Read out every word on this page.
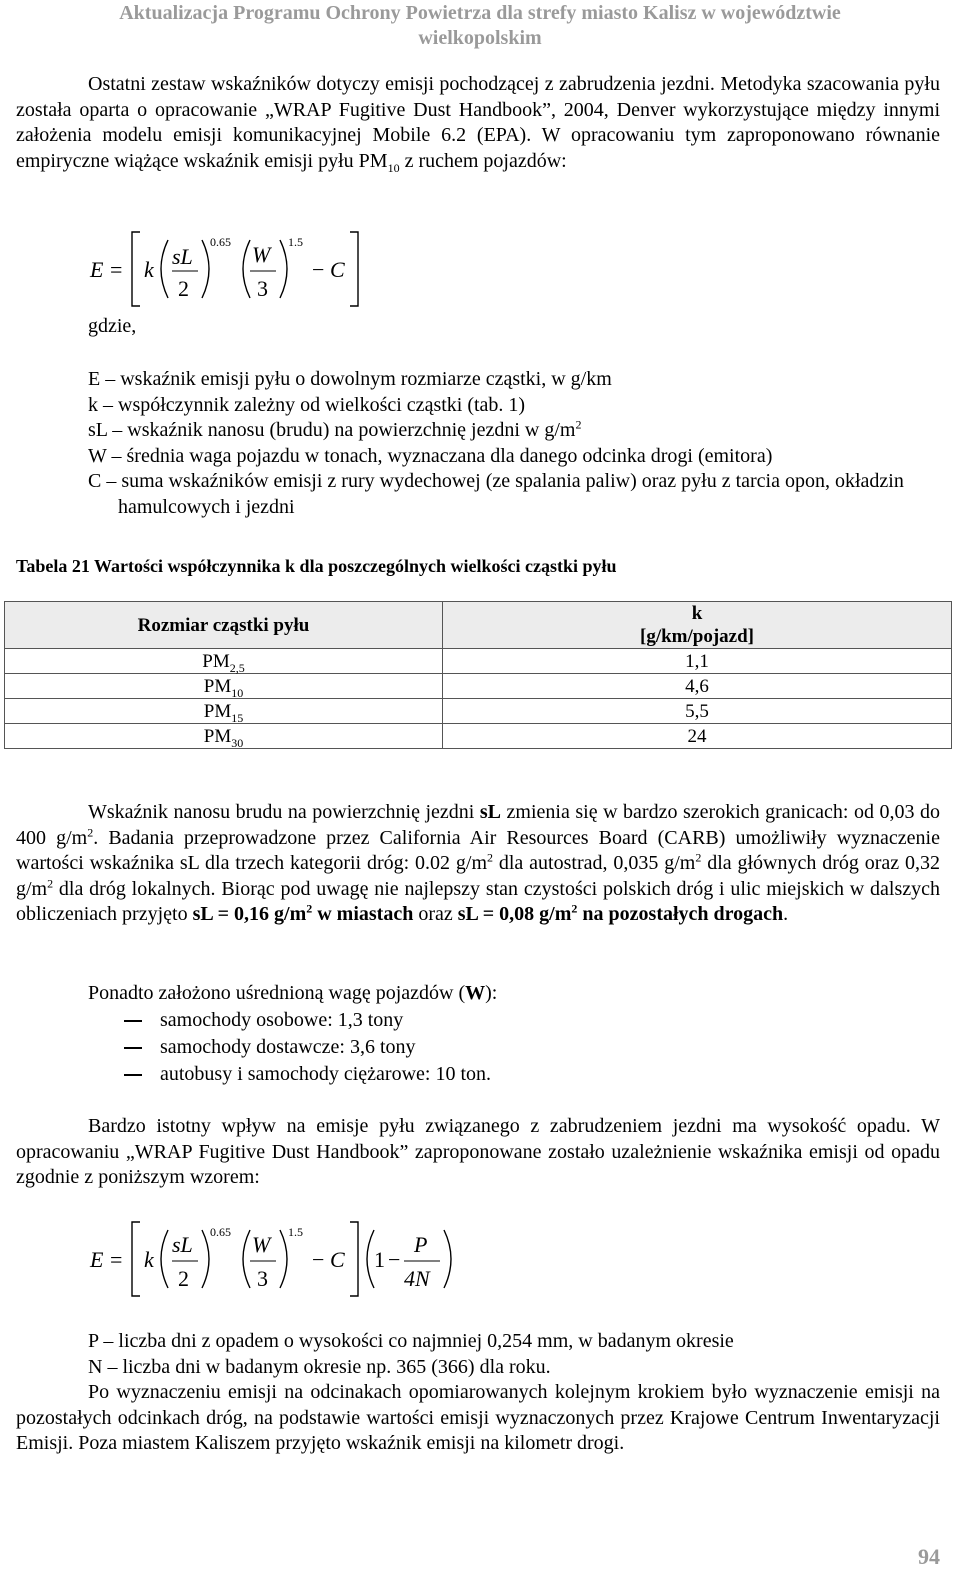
Aktualizacja Programu Ochrony Powietrza dla strefy miasto Kalisz w województwie
wielkopolskim

Ostatni zestaw wskaźników dotyczy emisji pochodzącej z zabrudzenia jezdni. Metodyka szacowania pyłu została oparta o opracowanie „WRAP Fugitive Dust Handbook”, 2004, Denver wykorzystujące między innymi założenia modelu emisji komunikacyjnej Mobile 6.2 (EPA). W opracowaniu tym zaproponowano równanie empiryczne wiążące wskaźnik emisji pyłu $PM_{10}$ z ruchem pojazdów:

E = k
sL
2
0.65 W
3
1.5
− C
gdzie,

E – wskaźnik emisji pyłu o dowolnym rozmiarze cząstki, w g/km

k – współczynnik zależny od wielkości cząstki (tab. 1)

sL – wskaźnik nanosu (brudu) na powierzchnię jezdni w $g/m^2$

W – średnia waga pojazdu w tonach, wyznaczana dla danego odcinka drogi (emitora)

C – suma wskaźników emisji z rury wydechowej (ze spalania paliw) oraz pyłu z tarcia opon, okładzin hamulcowych i jezdni

Tabela 21 Wartości współczynnika k dla poszczególnych wielkości cząstki pyłu
Rozmiar cząstki pyłu	k
[g/km/pojazd]
$PM_{2,5}$	1,1
$PM_{10}$	4,6
$PM_{15}$	5,5
$PM_{30}$	24

Wskaźnik nanosu brudu na powierzchnię jezdni sL zmienia się w bardzo szerokich granicach: od 0,03 do 400 $g/m^2$. Badania przeprowadzone przez California Air Resources Board (CARB) umożliwiły wyznaczenie wartości wskaźnika sL dla trzech kategorii dróg: 0.02 $g/m^2$ dla autostrad, 0,035 $g/m^2$ dla głównych dróg oraz 0,32 $g/m^2$ dla dróg lokalnych. Biorąc pod uwagę nie najlepszy stan czystości polskich dróg i ulic miejskich w dalszych obliczeniach przyjęto sL = 0,16 $g/m^2$ w miastach oraz sL = 0,08 $g/m^2$ na pozostałych drogach.

Ponadto założono uśrednioną wagę pojazdów (W):

samochody osobowe: 1,3 tony
samochody dostawcze: 3,6 tony
autobusy i samochody ciężarowe: 10 ton.

Bardzo istotny wpływ na emisje pyłu związanego z zabrudzeniem jezdni ma wysokość opadu. W opracowaniu „WRAP Fugitive Dust Handbook” zaproponowane zostało uzależnienie wskaźnika emisji od opadu zgodnie z poniższym wzorem:

E = k
sL
2
0.65 W
3
1.5
− C 1 −
P
4N

P – liczba dni z opadem o wysokości co najmniej 0,254 mm, w badanym okresie

N – liczba dni w badanym okresie np. 365 (366) dla roku.

Po wyznaczeniu emisji na odcinakach opomiarowanych kolejnym krokiem było wyznaczenie emisji na pozostałych odcinkach dróg, na podstawie wartości emisji wyznaczonych przez Krajowe Centrum Inwentaryzacji Emisji. Poza miastem Kaliszem przyjęto wskaźnik emisji na kilometr drogi.

94
